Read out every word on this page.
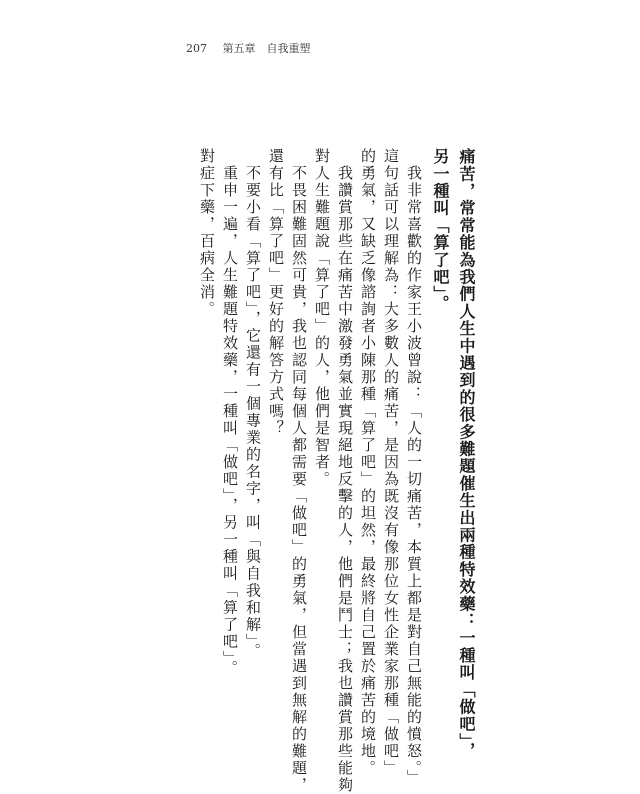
207 第五章　自我重塑
痛苦，常常能為我們人生中遇到的很多難題催生出兩種特效藥：一種叫「做吧」，
另一種叫「算了吧」。
　我非常喜歡的作家王小波曾說：「人的一切痛苦，本質上都是對自己無能的憤怒。」
這句話可以理解為：大多數人的痛苦，是因為既沒有像那位女性企業家那種「做吧」
的勇氣，又缺乏像諮詢者小陳那種「算了吧」的坦然，最終將自己置於痛苦的境地。
　我讚賞那些在痛苦中激發勇氣並實現絕地反擊的人，他們是鬥士；我也讚賞那些能夠
對人生難題說「算了吧」的人，他們是智者。
　不畏困難固然可貴，我也認同每個人都需要「做吧」的勇氣，但當遇到無解的難題，
還有比「算了吧」更好的解答方式嗎？
　不要小看「算了吧」，它還有一個專業的名字，叫「與自我和解」。
　重申一遍，人生難題特效藥，一種叫「做吧」，另一種叫「算了吧」。
對症下藥，百病全消。
